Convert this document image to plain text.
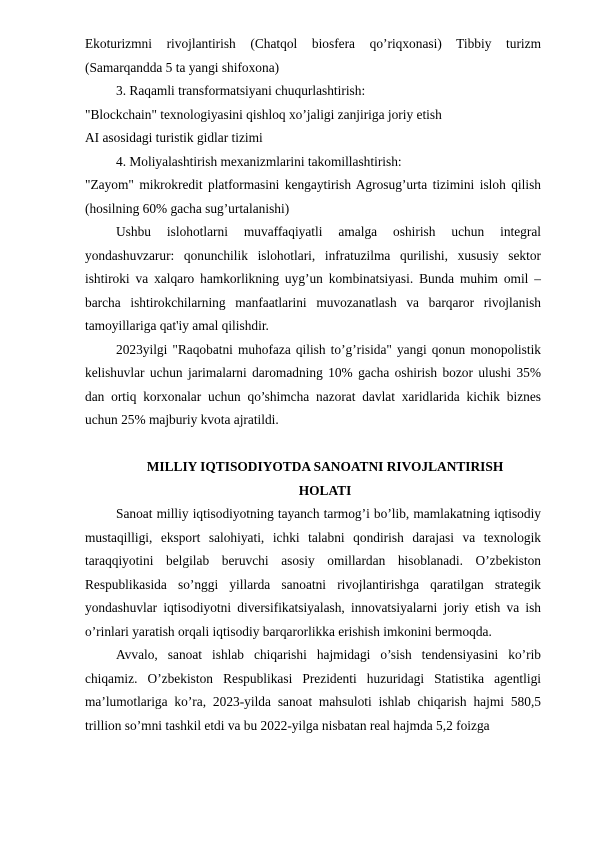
Ekoturizmni rivojlantirish (Chatqol biosfera qo’riqxonasi) Tibbiy turizm (Samarqandda 5 ta yangi shifoxona)

3. Raqamli transformatsiyani chuqurlashtirish:

"Blockchain" texnologiyasini qishloq xo’jaligi zanjiriga joriy etish

AI asosidagi turistik gidlar tizimi

4. Moliyalashtirish mexanizmlarini takomillashtirish:

"Zayom" mikrokredit platformasini kengaytirish Agrosug’urta tizimini isloh qilish (hosilning 60% gacha sug’urtalanishi)

Ushbu islohotlarni muvaffaqiyatli amalga oshirish uchun integral yondashuvzarur: qonunchilik islohotlari, infratuzilma qurilishi, xususiy sektor ishtiroki va xalqaro hamkorlikning uyg’un kombinatsiyasi. Bunda muhim omil – barcha ishtirokchilarning manfaatlarini muvozanatlash va barqaror rivojlanish tamoyillariga qat'iy amal qilishdir.

2023yilgi "Raqobatni muhofaza qilish to’g’risida" yangi qonun monopolistik kelishuvlar uchun jarimalarni daromadning 10% gacha oshirish bozor ulushi 35% dan ortiq korxonalar uchun qo’shimcha nazorat davlat xaridlarida kichik biznes uchun 25% majburiy kvota ajratildi.

MILLIY IQTISODIYOTDA SANOATNI RIVOJLANTIRISH

HOLATI

Sanoat milliy iqtisodiyotning tayanch tarmog’i bo’lib, mamlakatning iqtisodiy mustaqilligi, eksport salohiyati, ichki talabni qondirish darajasi va texnologik taraqqiyotini belgilab beruvchi asosiy omillardan hisoblanadi. O’zbekiston Respublikasida so’nggi yillarda sanoatni rivojlantirishga qaratilgan strategik yondashuvlar iqtisodiyotni diversifikatsiyalash, innovatsiyalarni joriy etish va ish o’rinlari yaratish orqali iqtisodiy barqarorlikka erishish imkonini bermoqda.

Avvalo, sanoat ishlab chiqarishi hajmidagi o’sish tendensiyasini ko’rib chiqamiz. O’zbekiston Respublikasi Prezidenti huzuridagi Statistika agentligi ma’lumotlariga ko’ra, 2023-yilda sanoat mahsuloti ishlab chiqarish hajmi 580,5 trillion so’mni tashkil etdi va bu 2022-yilga nisbatan real hajmda 5,2 foizga
